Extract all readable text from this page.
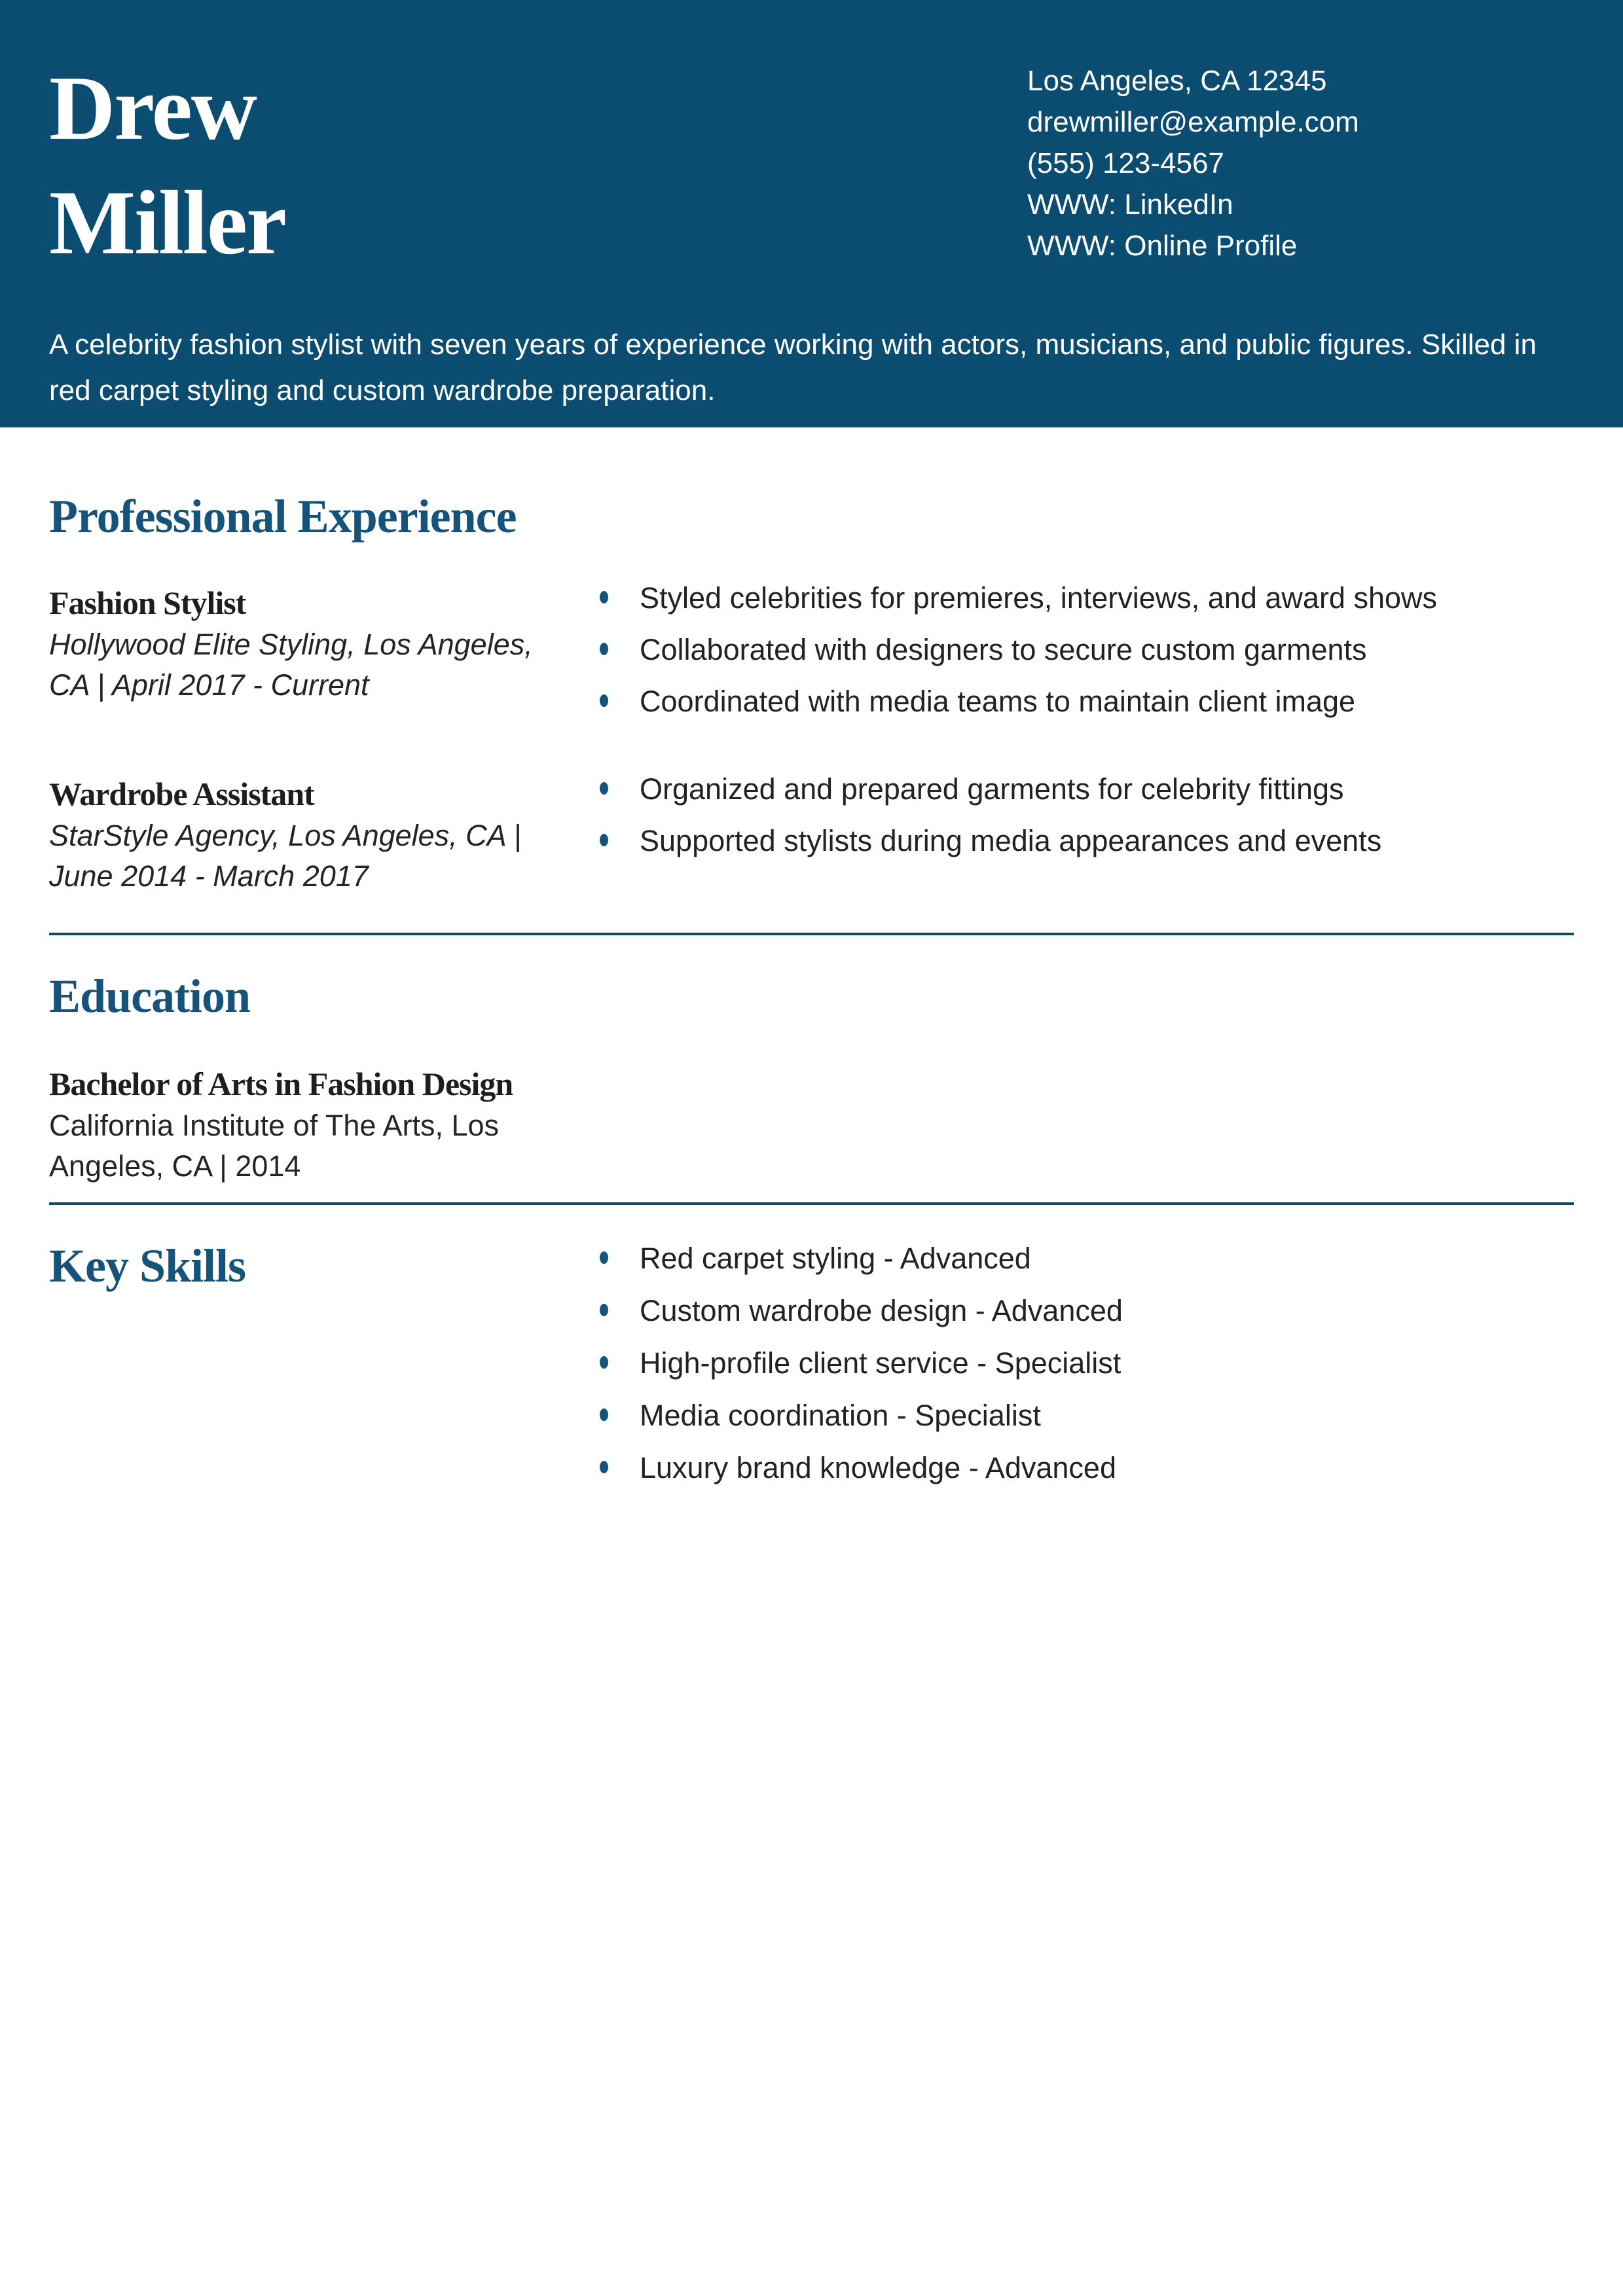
Drew
Miller
Los Angeles, CA 12345
drewmiller@example.com
(555) 123-4567
WWW: LinkedIn
WWW: Online Profile
A celebrity fashion stylist with seven years of experience working with actors, musicians, and public figures. Skilled in red carpet styling and custom wardrobe preparation.
Professional Experience
Fashion Stylist
Hollywood Elite Styling, Los Angeles, CA | April 2017 - Current
Styled celebrities for premieres, interviews, and award shows
Collaborated with designers to secure custom garments
Coordinated with media teams to maintain client image
Wardrobe Assistant
StarStyle Agency, Los Angeles, CA | June 2014 - March 2017
Organized and prepared garments for celebrity fittings
Supported stylists during media appearances and events
Education
Bachelor of Arts in Fashion Design
California Institute of The Arts, Los Angeles, CA | 2014
Key Skills	Red carpet styling - Advanced
Custom wardrobe design - Advanced
High-profile client service - Specialist
Media coordination - Specialist
Luxury brand knowledge - Advanced
